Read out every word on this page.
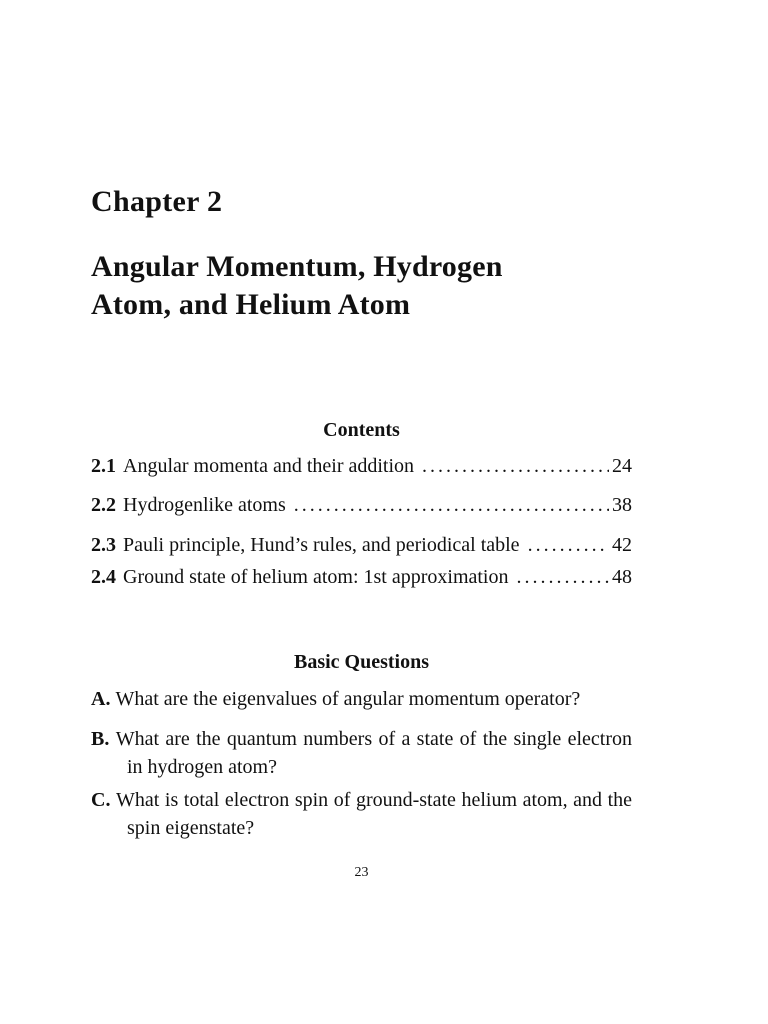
Chapter 2
Angular Momentum, Hydrogen
Atom, and Helium Atom
Contents
2.1 Angular momenta and their addition .....	24
2.2 Hydrogenlike atoms .....	38
2.3 Pauli principle, Hund’s rules, and periodical table .....	42
2.4 Ground state of helium atom: 1st approximation .....	48
Basic Questions
A. What are the eigenvalues of angular momentum operator?
B. What are the quantum numbers of a state of the single electron in hydrogen atom?
C. What is total electron spin of ground-state helium atom, and the spin eigenstate?
23
